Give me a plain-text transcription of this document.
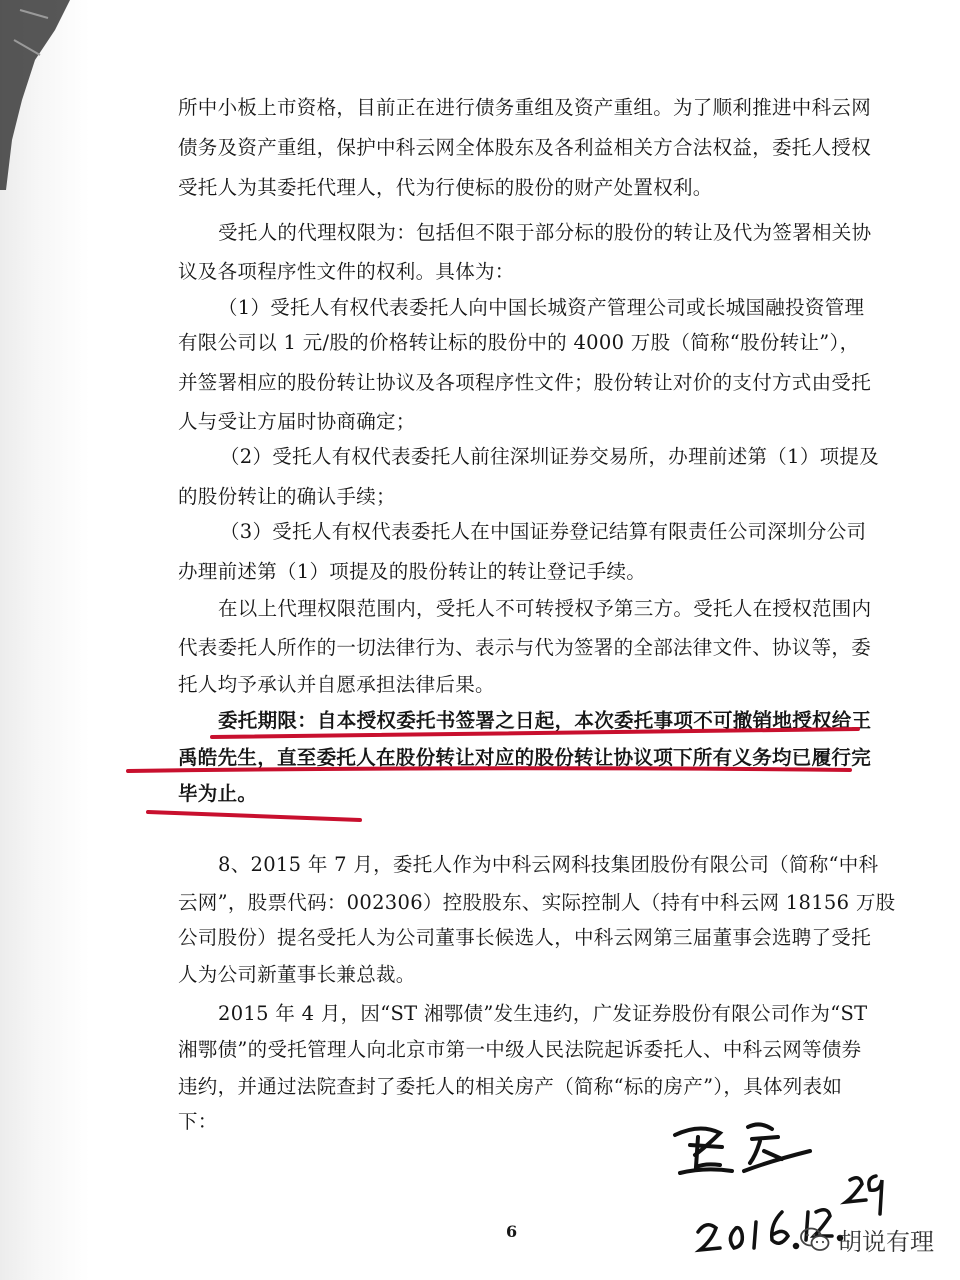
所中小板上市资格，目前正在进行债务重组及资产重组。为了顺利推进中科云网
债务及资产重组，保护中科云网全体股东及各利益相关方合法权益，委托人授权
受托人为其委托代理人，代为行使标的股份的财产处置权利。
受托人的代理权限为：包括但不限于部分标的股份的转让及代为签署相关协
议及各项程序性文件的权利。具体为：
（1）受托人有权代表委托人向中国长城资产管理公司或长城国融投资管理
有限公司以 1 元/股的价格转让标的股份中的 4000 万股（简称“股份转让”），
并签署相应的股份转让协议及各项程序性文件；股份转让对价的支付方式由受托
人与受让方届时协商确定；
（2）受托人有权代表委托人前往深圳证券交易所，办理前述第（1）项提及
的股份转让的确认手续；
（3）受托人有权代表委托人在中国证券登记结算有限责任公司深圳分公司
办理前述第（1）项提及的股份转让的转让登记手续。
在以上代理权限范围内，受托人不可转授权予第三方。受托人在授权范围内
代表委托人所作的一切法律行为、表示与代为签署的全部法律文件、协议等，委
托人均予承认并自愿承担法律后果。
委托期限：自本授权委托书签署之日起，本次委托事项不可撤销地授权给王
禹皓先生，直至委托人在股份转让对应的股份转让协议项下所有义务均已履行完
毕为止。
8、2015 年 7 月，委托人作为中科云网科技集团股份有限公司（简称“中科
云网”，股票代码：002306）控股股东、实际控制人（持有中科云网 18156 万股
公司股份）提名受托人为公司董事长候选人，中科云网第三届董事会选聘了受托
人为公司新董事长兼总裁。
2015 年 4 月，因“ST 湘鄂债”发生违约，广发证券股份有限公司作为“ST
湘鄂债”的受托管理人向北京市第一中级人民法院起诉委托人、中科云网等债券
违约，并通过法院查封了委托人的相关房产（简称“标的房产”），具体列表如
下：
6	胡说有理
